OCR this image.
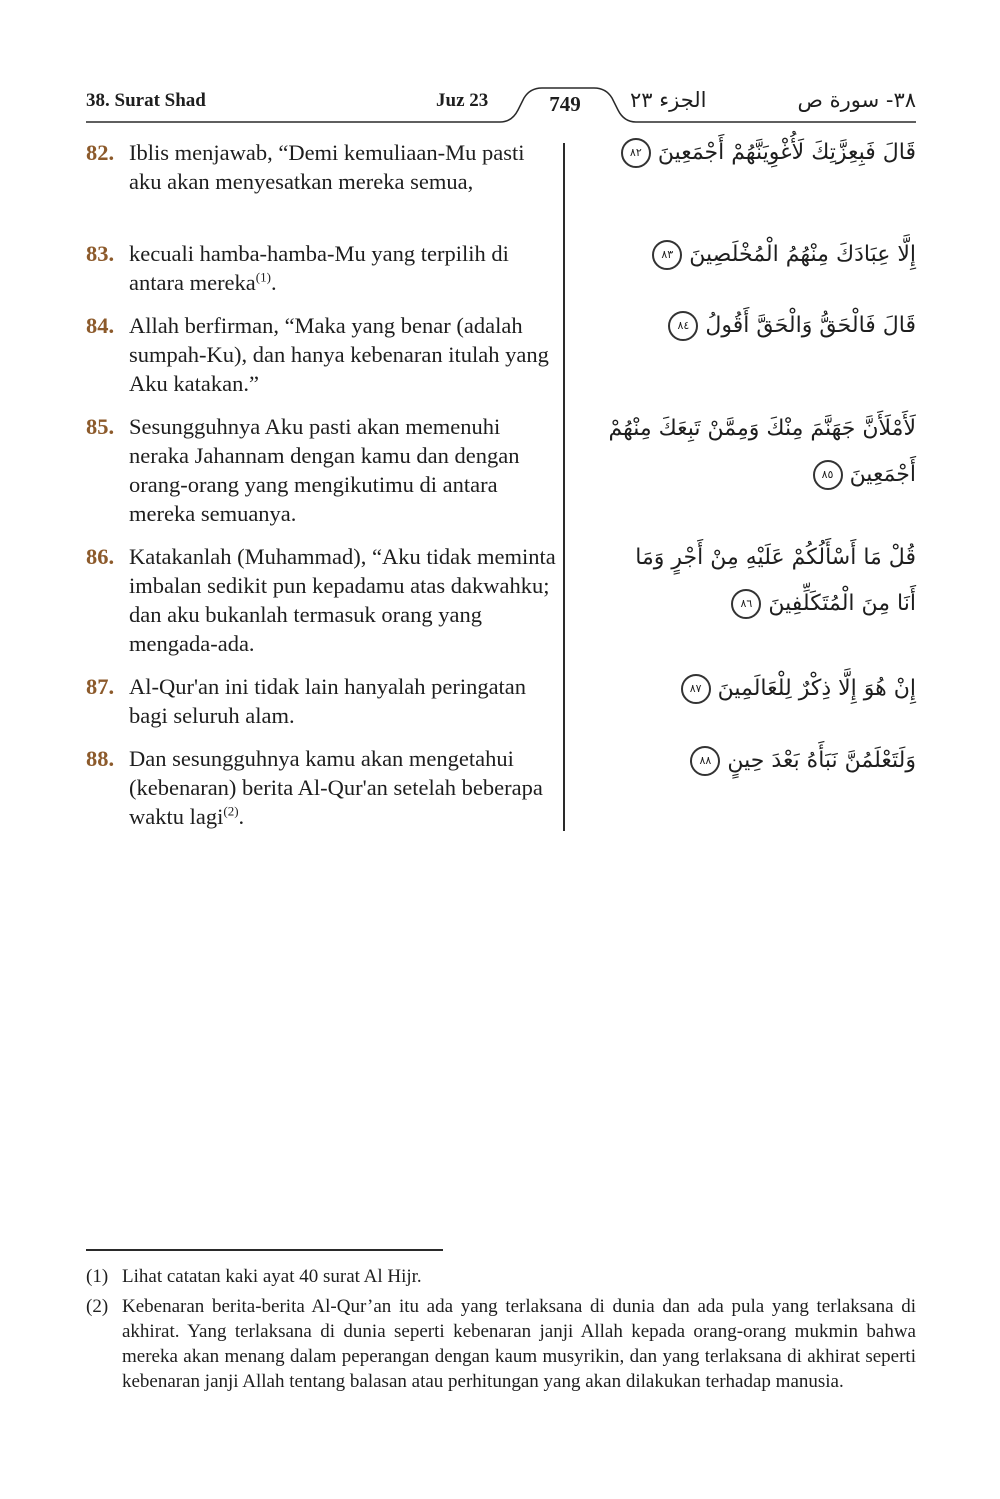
38. Surat Shad	Juz 23	749	الجزء ٢٣	٣٨- سورة ص
82. Iblis menjawab, “Demi kemuliaan-Mu pasti aku akan menyesatkan mereka semua,
قَالَ فَبِعِزَّتِكَ لَأُغْوِيَنَّهُمْ أَجْمَعِينَ ٨٢
83. kecuali hamba-hamba-Mu yang terpilih di antara mereka$^{(1)}$.
إِلَّا عِبَادَكَ مِنْهُمُ الْمُخْلَصِينَ ٨٣
84. Allah berfirman, “Maka yang benar (adalah sumpah-Ku), dan hanya kebenaran itulah yang Aku katakan.”
قَالَ فَالْحَقُّ وَالْحَقَّ أَقُولُ ٨٤
85. Sesungguhnya Aku pasti akan memenuhi neraka Jahannam dengan kamu dan dengan orang-orang yang mengikutimu di antara mereka semuanya.
لَأَمْلَأَنَّ جَهَنَّمَ مِنْكَ وَمِمَّنْ تَبِعَكَ مِنْهُمْ أَجْمَعِينَ ٨٥
86. Katakanlah (Muhammad), “Aku tidak meminta imbalan sedikit pun kepadamu atas dakwahku; dan aku bukanlah termasuk orang yang mengada-ada.
قُلْ مَا أَسْأَلُكُمْ عَلَيْهِ مِنْ أَجْرٍ وَمَا أَنَا مِنَ الْمُتَكَلِّفِينَ ٨٦
87. Al-Qur'an ini tidak lain hanyalah peringatan bagi seluruh alam.
إِنْ هُوَ إِلَّا ذِكْرٌ لِلْعَالَمِينَ ٨٧
88. Dan sesungguhnya kamu akan mengetahui (kebenaran) berita Al-Qur'an setelah beberapa waktu lagi$^{(2)}$.
وَلَتَعْلَمُنَّ نَبَأَهُ بَعْدَ حِينٍ ٨٨
(1) Lihat catatan kaki ayat 40 surat Al Hijr.
(2) Kebenaran berita-berita Al-Qur’an itu ada yang terlaksana di dunia dan ada pula yang terlaksana di akhirat. Yang terlaksana di dunia seperti kebenaran janji Allah kepada orang-orang mukmin bahwa mereka akan menang dalam peperangan dengan kaum musyrikin, dan yang terlaksana di akhirat seperti kebenaran janji Allah tentang balasan atau perhitungan yang akan dilakukan terhadap manusia.
